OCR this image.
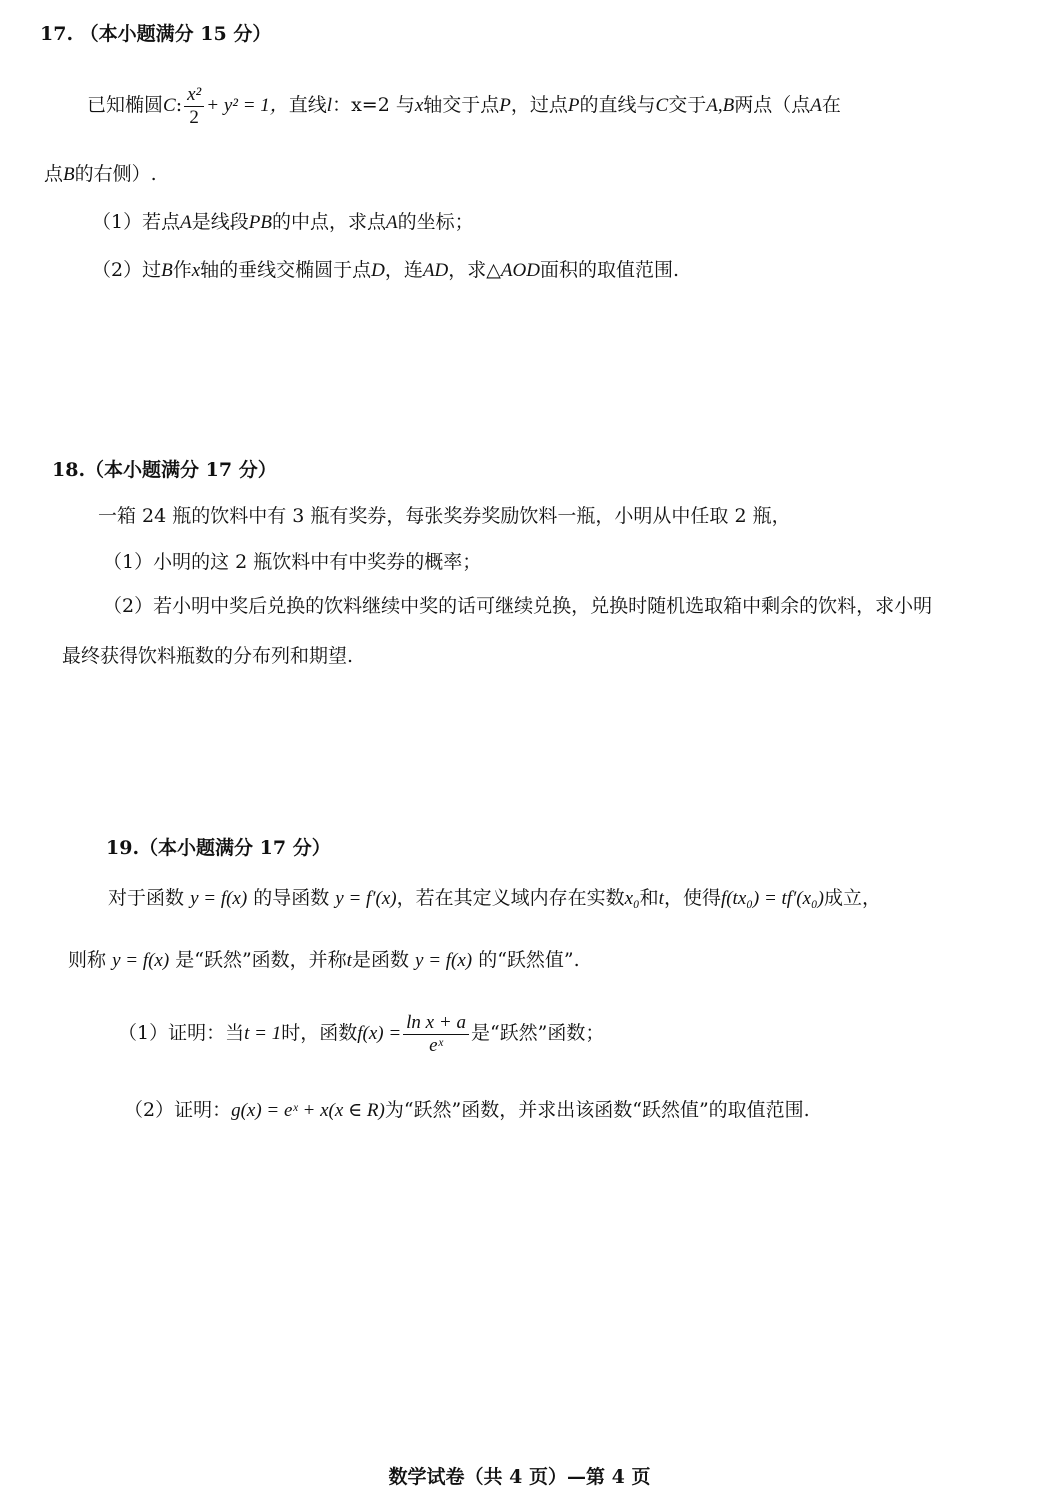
17. （本小题满分 15 分）
已知椭圆C: $\frac{\text{x²}}{2} + y^2 = 1$，直线l：x=2 与x轴交于点P，过点P的直线与C交于A,B两点（点A在
点B的右侧）.
（1）若点A是线段PB的中点，求点A的坐标；
（2）过B作x轴的垂线交椭圆于点D，连AD，求△AOD面积的取值范围.
18.（本小题满分 17 分）
一箱 24 瓶的饮料中有 3 瓶有奖券，每张奖券奖励饮料一瓶，小明从中任取 2 瓶，
（1）小明的这 2 瓶饮料中有中奖券的概率；
（2）若小明中奖后兑换的饮料继续中奖的话可继续兑换，兑换时随机选取箱中剩余的饮料，求小明
最终获得饮料瓶数的分布列和期望.
19.（本小题满分 17 分）
对于函数 y = f(x) 的导函数 y = f′(x)，若在其定义域内存在实数x₀和t，使得f(tx₀) = tf′(x₀)成立，
则称 y = f(x) 是“跃然”函数，并称t是函数 y = f(x) 的“跃然值”.
（1）证明：当t = 1时，函数$f(x) = \frac{\text{ln x + a}}{\text{eˣ}}$ 是“跃然”函数；
（2）证明：g(x) = eˣ + x(x ∈ R)为“跃然”函数，并求出该函数“跃然值”的取值范围.
数学试卷（共 4 页）—第 4 页
